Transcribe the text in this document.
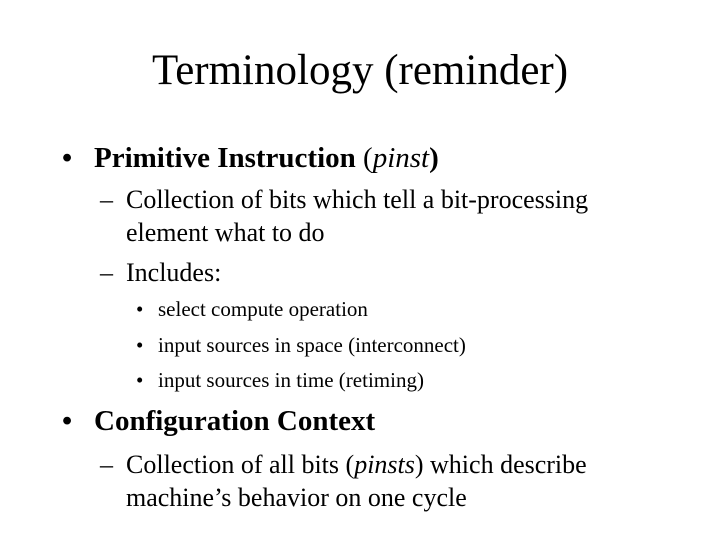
Terminology (reminder)
• Primitive Instruction (pinst)
– Collection of bits which tell a bit-processing
element what to do
– Includes:
• select compute operation
• input sources in space (interconnect)
• input sources in time (retiming)
• Configuration Context
– Collection of all bits (pinsts) which describe
machine’s behavior on one cycle
